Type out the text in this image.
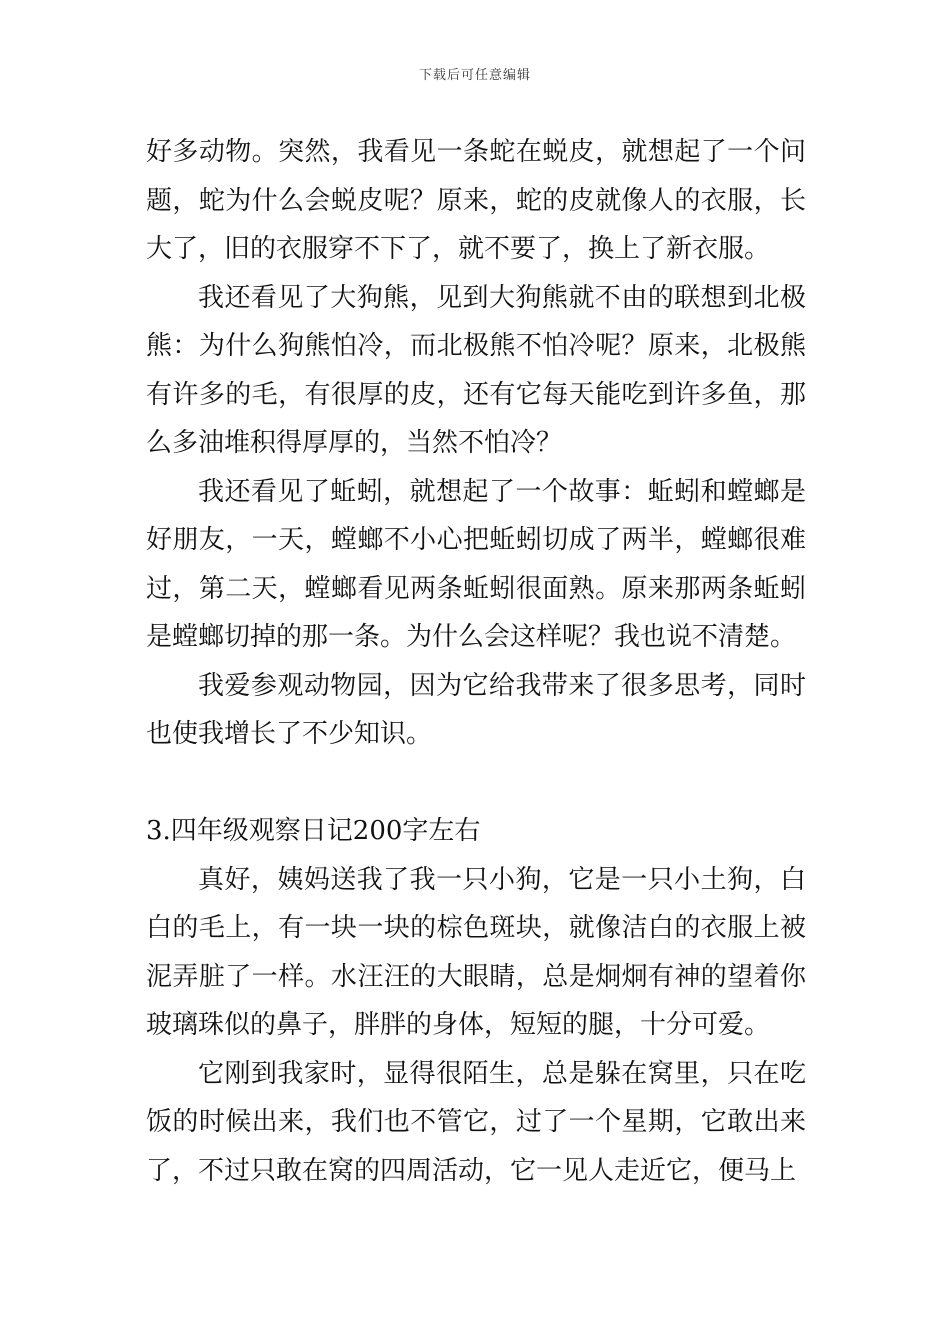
下载后可任意编辑

好多动物。突然，我看见一条蛇在蜕皮，就想起了一个问题，蛇为什么会蜕皮呢？原来，蛇的皮就像人的衣服，长大了，旧的衣服穿不下了，就不要了，换上了新衣服。

我还看见了大狗熊，见到大狗熊就不由的联想到北极熊：为什么狗熊怕冷，而北极熊不怕冷呢？原来，北极熊有许多的毛，有很厚的皮，还有它每天能吃到许多鱼，那么多油堆积得厚厚的，当然不怕冷？

我还看见了蚯蚓，就想起了一个故事：蚯蚓和螳螂是好朋友，一天，螳螂不小心把蚯蚓切成了两半，螳螂很难过，第二天，螳螂看见两条蚯蚓很面熟。原来那两条蚯蚓是螳螂切掉的那一条。为什么会这样呢？我也说不清楚。

我爱参观动物园，因为它给我带来了很多思考，同时也使我增长了不少知识。

3.四年级观察日记200字左右

真好，姨妈送我了我一只小狗，它是一只小土狗，白白的毛上，有一块一块的棕色斑块，就像洁白的衣服上被泥弄脏了一样。水汪汪的大眼睛，总是炯炯有神的望着你玻璃珠似的鼻子，胖胖的身体，短短的腿，十分可爱。

它刚到我家时，显得很陌生，总是躲在窝里，只在吃饭的时候出来，我们也不管它，过了一个星期，它敢出来了，不过只敢在窝的四周活动，它一见人走近它，便马上
